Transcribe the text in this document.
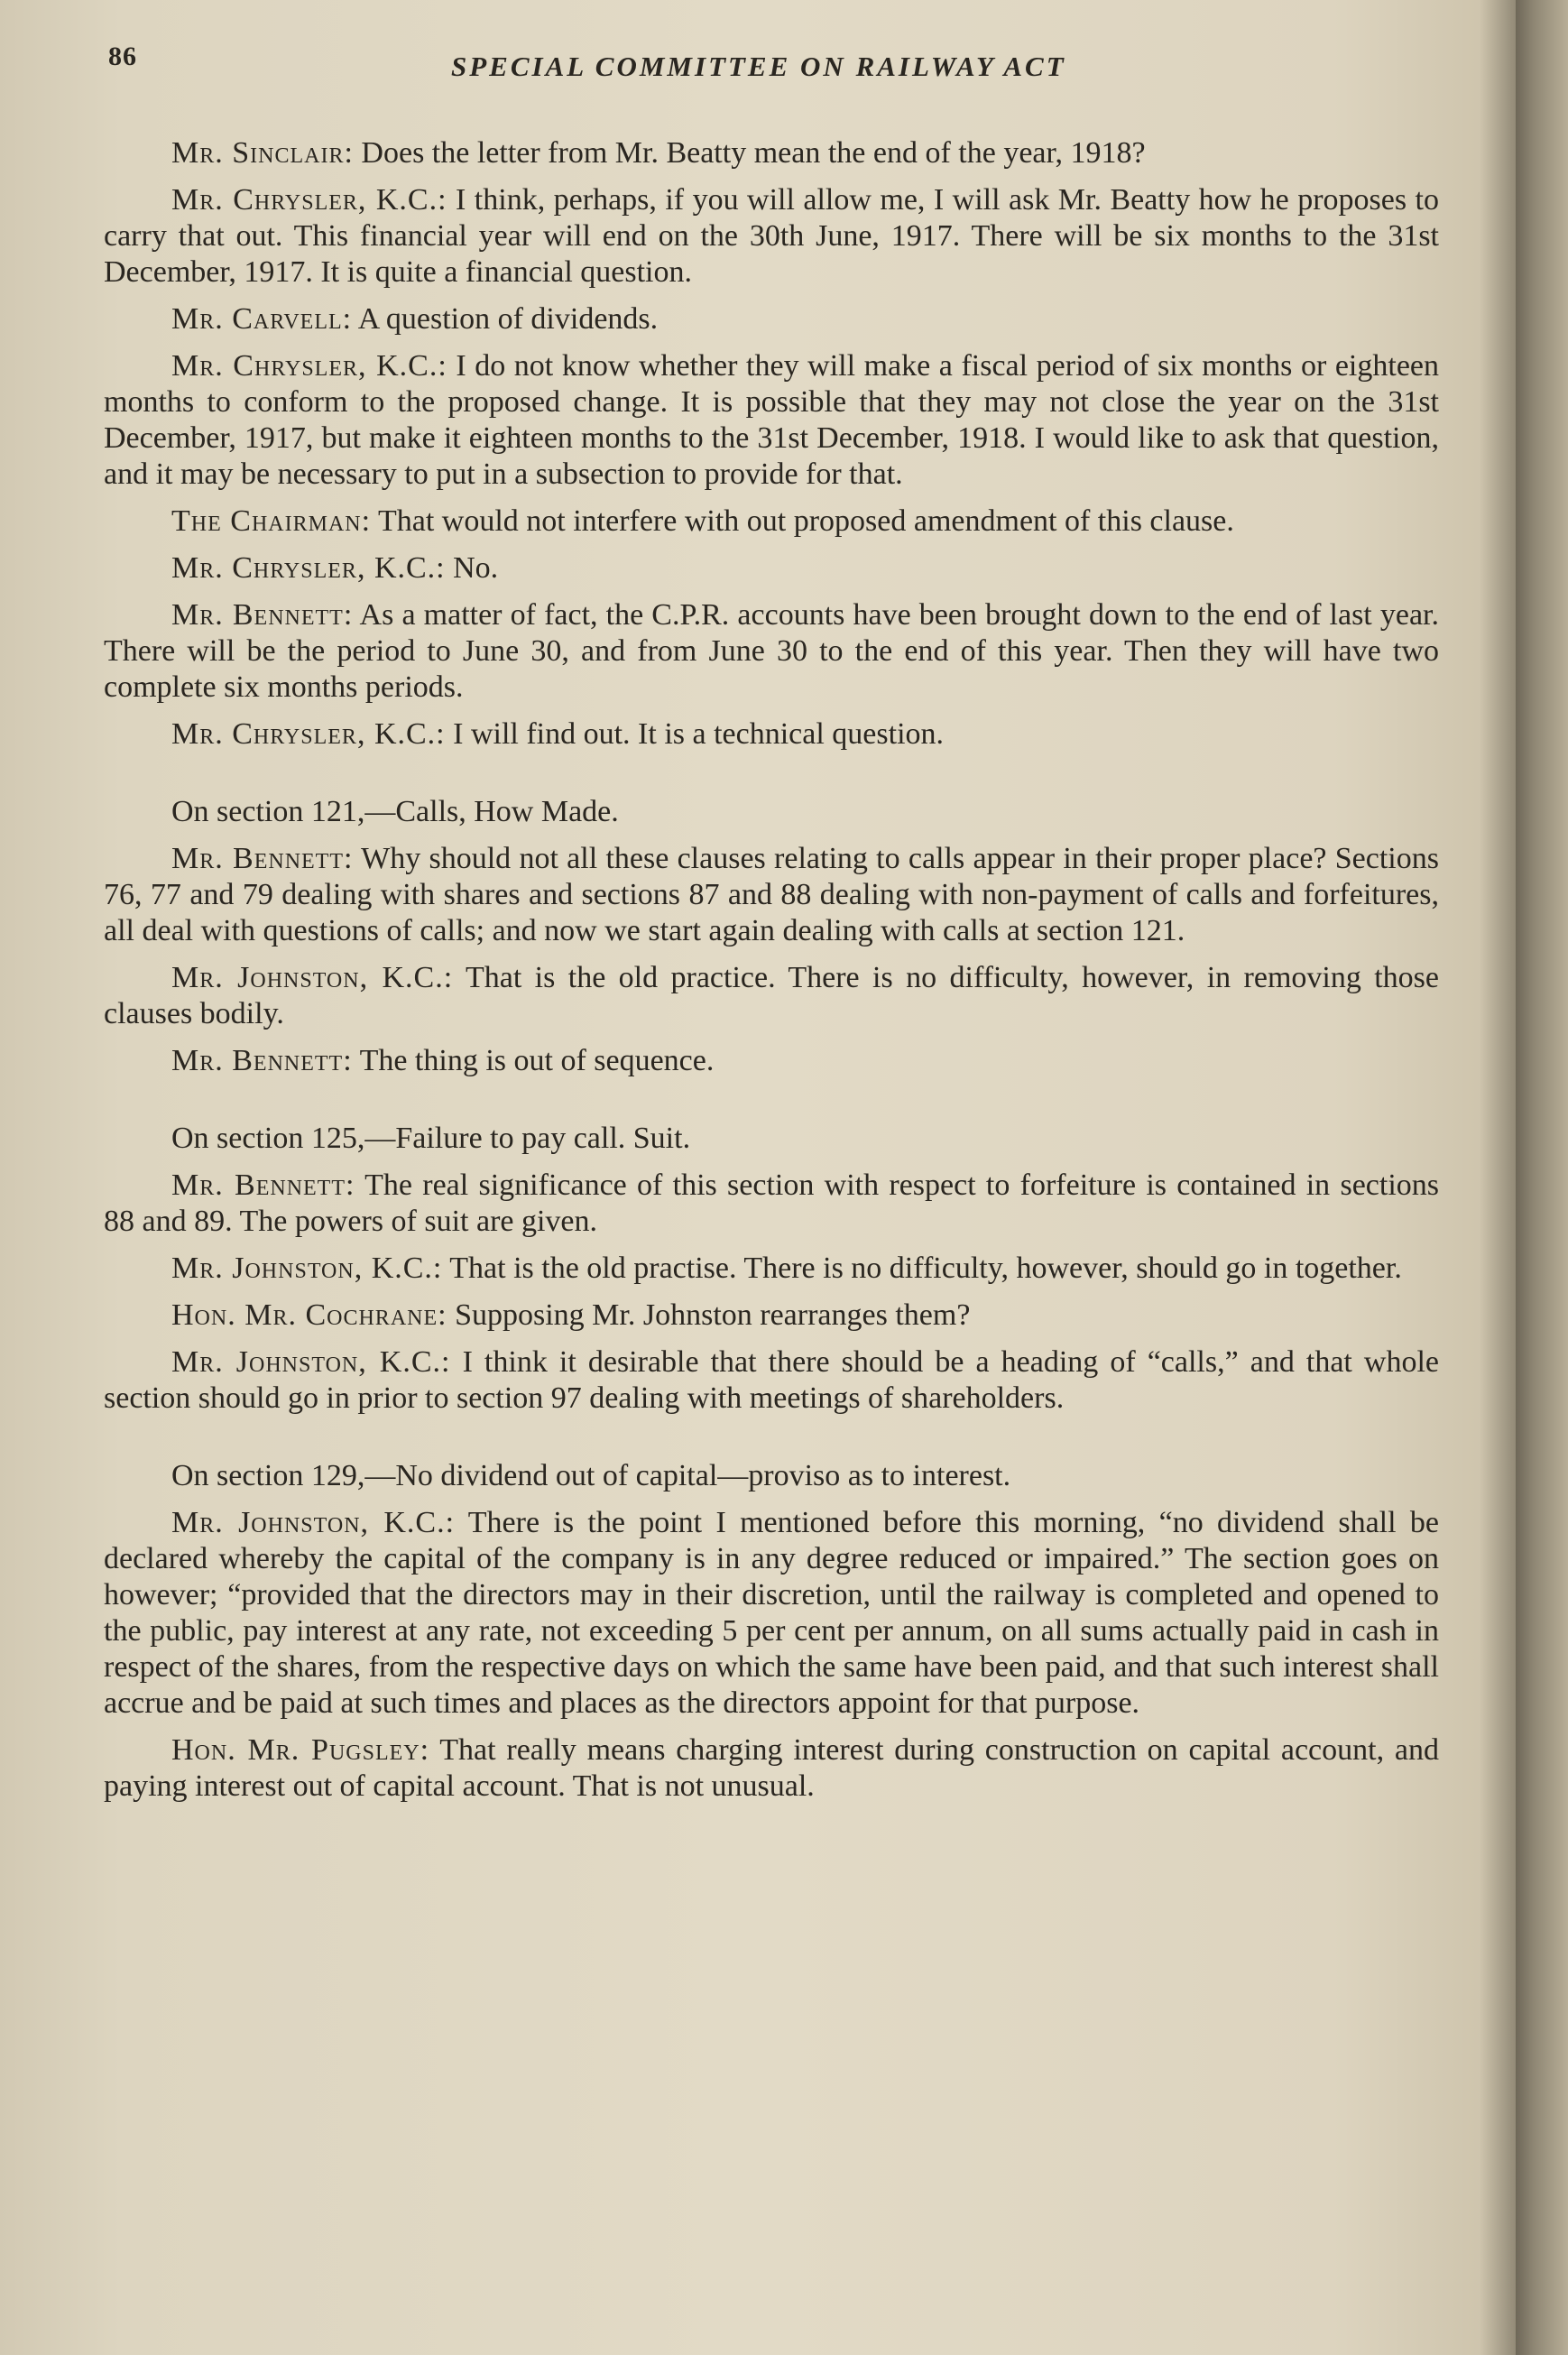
86	SPECIAL COMMITTEE ON RAILWAY ACT

Mr. Sinclair: Does the letter from Mr. Beatty mean the end of the year, 1918?

Mr. Chrysler, K.C.: I think, perhaps, if you will allow me, I will ask Mr. Beatty how he proposes to carry that out. This financial year will end on the 30th June, 1917. There will be six months to the 31st December, 1917. It is quite a financial question.

Mr. Carvell: A question of dividends.

Mr. Chrysler, K.C.: I do not know whether they will make a fiscal period of six months or eighteen months to conform to the proposed change. It is possible that they may not close the year on the 31st December, 1917, but make it eighteen months to the 31st December, 1918. I would like to ask that question, and it may be necessary to put in a subsection to provide for that.

The Chairman: That would not interfere with out proposed amendment of this clause.

Mr. Chrysler, K.C.: No.

Mr. Bennett: As a matter of fact, the C.P.R. accounts have been brought down to the end of last year. There will be the period to June 30, and from June 30 to the end of this year. Then they will have two complete six months periods.

Mr. Chrysler, K.C.: I will find out. It is a technical question.

On section 121,—Calls, How Made.

Mr. Bennett: Why should not all these clauses relating to calls appear in their proper place? Sections 76, 77 and 79 dealing with shares and sections 87 and 88 dealing with non-payment of calls and forfeitures, all deal with questions of calls; and now we start again dealing with calls at section 121.

Mr. Johnston, K.C.: That is the old practice. There is no difficulty, however, in removing those clauses bodily.

Mr. Bennett: The thing is out of sequence.

On section 125,—Failure to pay call. Suit.

Mr. Bennett: The real significance of this section with respect to forfeiture is contained in sections 88 and 89. The powers of suit are given.

Mr. Johnston, K.C.: That is the old practise. There is no difficulty, however, should go in together.

Hon. Mr. Cochrane: Supposing Mr. Johnston rearranges them?

Mr. Johnston, K.C.: I think it desirable that there should be a heading of “calls,” and that whole section should go in prior to section 97 dealing with meetings of shareholders.

On section 129,—No dividend out of capital—proviso as to interest.

Mr. Johnston, K.C.: There is the point I mentioned before this morning, “no dividend shall be declared whereby the capital of the company is in any degree reduced or impaired.” The section goes on however; “provided that the directors may in their discretion, until the railway is completed and opened to the public, pay interest at any rate, not exceeding 5 per cent per annum, on all sums actually paid in cash in respect of the shares, from the respective days on which the same have been paid, and that such interest shall accrue and be paid at such times and places as the directors appoint for that purpose.

Hon. Mr. Pugsley: That really means charging interest during construction on capital account, and paying interest out of capital account. That is not unusual.
